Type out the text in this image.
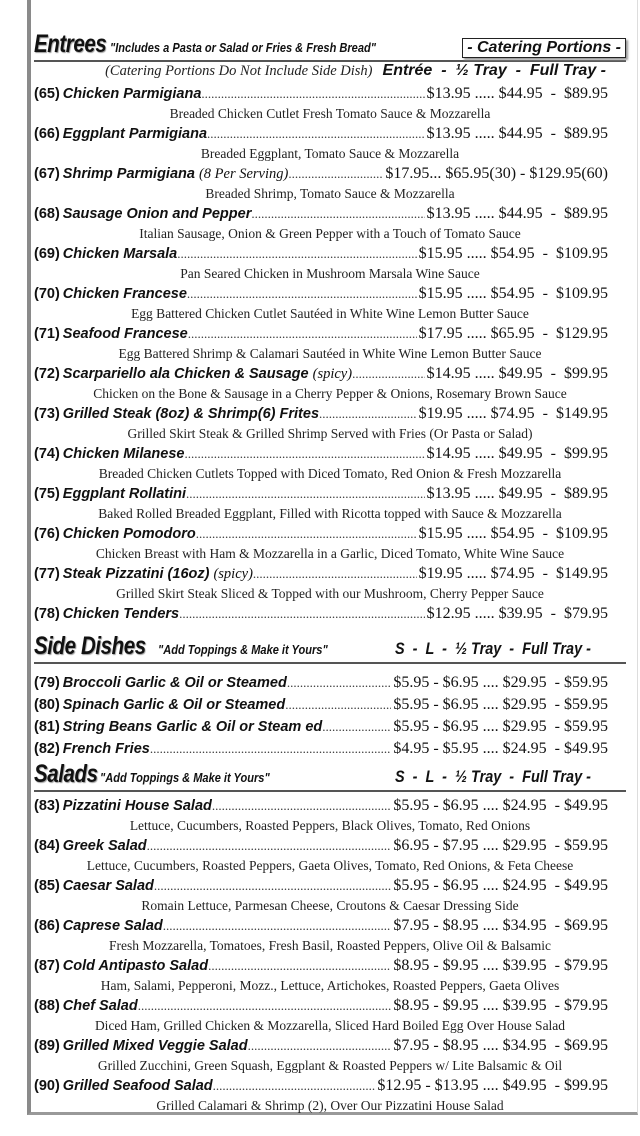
Entrees "Includes a Pasta or Salad or Fries & Fresh Bread"	- Catering Portions -
(Catering Portions Do Not Include Side Dish) Entrée  -  ½ Tray  -  Full Tray -
(65) Chicken Parmigiana .....	$13.95 ..... $44.95  -  $89.95
Breaded Chicken Cutlet Fresh Tomato Sauce & Mozzarella
(66) Eggplant Parmigiana .....	$13.95 ..... $44.95  -  $89.95
Breaded Eggplant, Tomato Sauce & Mozzarella
(67) Shrimp Parmigiana (8 Per Serving) .....	$17.95... $65.95(30) - $129.95(60)
Breaded Shrimp, Tomato Sauce & Mozzarella
(68) Sausage Onion and Pepper .....	$13.95 ..... $44.95  -  $89.95
Italian Sausage, Onion & Green Pepper with a Touch of Tomato Sauce
(69) Chicken Marsala .....	$15.95 ..... $54.95  -  $109.95
Pan Seared Chicken in Mushroom Marsala Wine Sauce
(70) Chicken Francese .....	$15.95 ..... $54.95  -  $109.95
Egg Battered Chicken Cutlet Sautéed in White Wine Lemon Butter Sauce
(71) Seafood Francese .....	$17.95 ..... $65.95  -  $129.95
Egg Battered Shrimp & Calamari Sautéed in White Wine Lemon Butter Sauce
(72) Scarpariello ala Chicken & Sausage (spicy) .....	$14.95 ..... $49.95  -  $99.95
Chicken on the Bone & Sausage in a Cherry Pepper & Onions, Rosemary Brown Sauce
(73) Grilled Steak (8oz) & Shrimp(6) Frites .....	$19.95 ..... $74.95  -  $149.95
Grilled Skirt Steak & Grilled Shrimp Served with Fries (Or Pasta or Salad)
(74) Chicken Milanese .....	$14.95 ..... $49.95  -  $99.95
Breaded Chicken Cutlets Topped with Diced Tomato, Red Onion & Fresh Mozzarella
(75) Eggplant Rollatini .....	$13.95 ..... $49.95  -  $89.95
Baked Rolled Breaded Eggplant, Filled with Ricotta topped with Sauce & Mozzarella
(76) Chicken Pomodoro .....	$15.95 ..... $54.95  -  $109.95
Chicken Breast with Ham & Mozzarella in a Garlic, Diced Tomato, White Wine Sauce
(77) Steak Pizzatini (16oz) (spicy) .....	$19.95 ..... $74.95  -  $149.95
Grilled Skirt Steak Sliced & Topped with our Mushroom, Cherry Pepper Sauce
(78) Chicken Tenders .....	$12.95 ..... $39.95  -  $79.95
Side Dishes "Add Toppings & Make it Yours"	S  -  L  -  ½ Tray  -  Full Tray -
(79) Broccoli Garlic & Oil or Steamed .....	$5.95 - $6.95 .... $29.95  - $59.95
(80) Spinach Garlic & Oil or Steamed .....	$5.95 - $6.95 .... $29.95  - $59.95
(81) String Beans Garlic & Oil or Steam ed .....	$5.95 - $6.95 .... $29.95  - $59.95
(82) French Fries .....	$4.95 - $5.95 .... $24.95  - $49.95
Salads "Add Toppings & Make it Yours"	S  -  L  -  ½ Tray  -  Full Tray -
(83) Pizzatini House Salad .....	$5.95 - $6.95 .... $24.95  - $49.95
Lettuce, Cucumbers, Roasted Peppers, Black Olives, Tomato, Red Onions
(84) Greek Salad .....	$6.95 - $7.95 .... $29.95  - $59.95
Lettuce, Cucumbers, Roasted Peppers, Gaeta Olives, Tomato, Red Onions, & Feta Cheese
(85) Caesar Salad .....	$5.95 - $6.95 .... $24.95  - $49.95
Romain Lettuce, Parmesan Cheese, Croutons & Caesar Dressing Side
(86) Caprese Salad .....	$7.95 - $8.95 .... $34.95  - $69.95
Fresh Mozzarella, Tomatoes, Fresh Basil, Roasted Peppers, Olive Oil & Balsamic
(87) Cold Antipasto Salad .....	$8.95 - $9.95 .... $39.95  - $79.95
Ham, Salami, Pepperoni, Mozz., Lettuce, Artichokes, Roasted Peppers, Gaeta Olives
(88) Chef Salad .....	$8.95 - $9.95 .... $39.95  - $79.95
Diced Ham, Grilled Chicken & Mozzarella, Sliced Hard Boiled Egg Over House Salad
(89) Grilled Mixed Veggie Salad .....	$7.95 - $8.95 .... $34.95  - $69.95
Grilled Zucchini, Green Squash, Eggplant & Roasted Peppers w/ Lite Balsamic & Oil
(90) Grilled Seafood Salad .....	$12.95 - $13.95 .... $49.95  - $99.95
Grilled Calamari & Shrimp (2), Over Our Pizzatini House Salad
